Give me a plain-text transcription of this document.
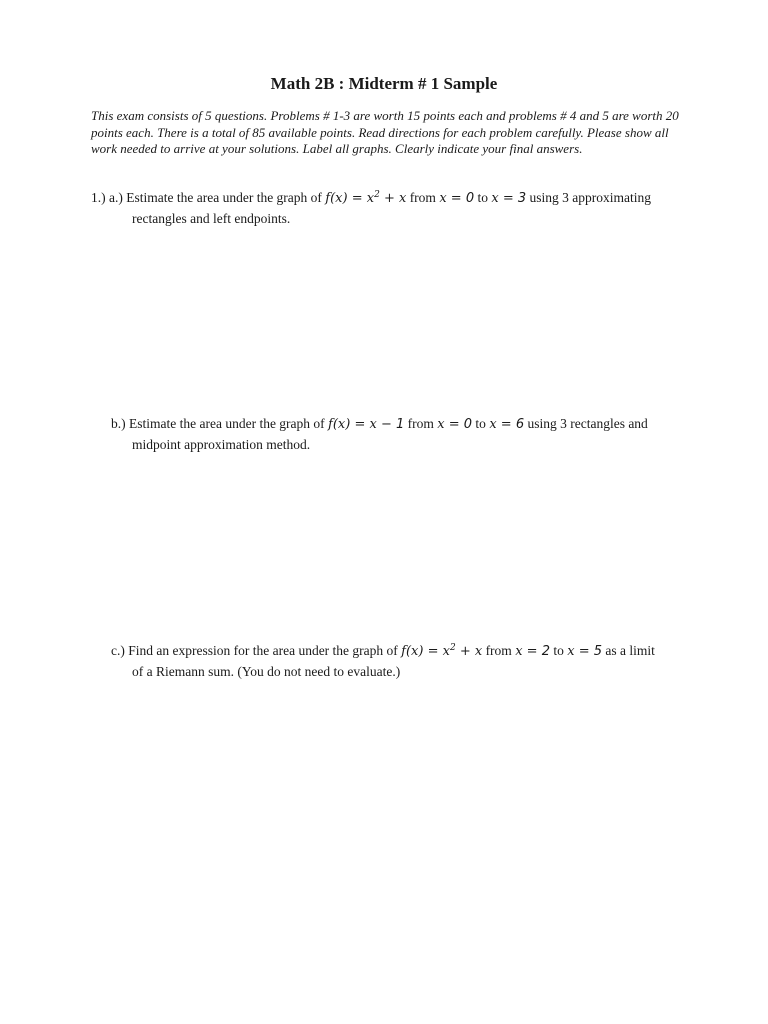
Math 2B : Midterm # 1 Sample
This exam consists of 5 questions. Problems # 1-3 are worth 15 points each and problems # 4 and 5 are worth 20 points each. There is a total of 85 available points. Read directions for each problem carefully. Please show all work needed to arrive at your solutions. Label all graphs. Clearly indicate your final answers.
1.) a.) Estimate the area under the graph of $f(x) = x^2 + x$ from x = 0 to x = 3 using 3 approximating
rectangles and left endpoints.
b.) Estimate the area under the graph of f(x) = x − 1 from x = 0 to x = 6 using 3 rectangles and
midpoint approximation method.
c.) Find an expression for the area under the graph of $f(x) = x^2 + x$ from x = 2 to x = 5 as a limit
of a Riemann sum. (You do not need to evaluate.)
